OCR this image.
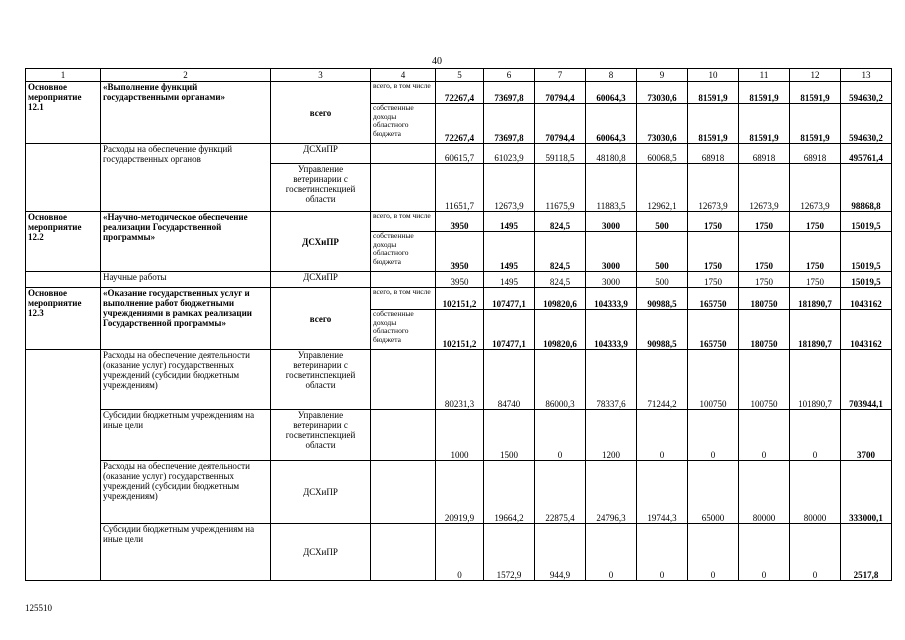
40
1	2	3	4	5	6	7	8	9	10	11	12	13
Основное мероприятие 12.1	«Выполнение функций государственными органами»	всего	всего, в том числе	72267,4	73697,8	70794,4	60064,3	73030,6	81591,9	81591,9	81591,9	594630,2
			собственные доходы областного бюджета	72267,4	73697,8	70794,4	60064,3	73030,6	81591,9	81591,9	81591,9	594630,2
	Расходы на обеспечение функций государственных органов	ДСХиПР		60615,7	61023,9	59118,5	48180,8	60068,5	68918	68918	68918	495761,4
		Управление ветеринарии с госветинспекцией области		11651,7	12673,9	11675,9	11883,5	12962,1	12673,9	12673,9	12673,9	98868,8
Основное мероприятие 12.2	«Научно-методическое обеспечение реализации Государственной программы»	ДСХиПР	всего, в том числе	3950	1495	824,5	3000	500	1750	1750	1750	15019,5
			собственные доходы областного бюджета	3950	1495	824,5	3000	500	1750	1750	1750	15019,5
	Научные работы	ДСХиПР		3950	1495	824,5	3000	500	1750	1750	1750	15019,5
Основное мероприятие 12.3	«Оказание государственных услуг и выполнение работ бюджетными учреждениями в рамках реализации Государственной программы»	всего	всего, в том числе	102151,2	107477,1	109820,6	104333,9	90988,5	165750	180750	181890,7	1043162
			собственные доходы областного бюджета	102151,2	107477,1	109820,6	104333,9	90988,5	165750	180750	181890,7	1043162
	Расходы на обеспечение деятельности (оказание услуг) государственных учреждений (субсидии бюджетным учреждениям)	Управление ветеринарии с госветинспекцией области		80231,3	84740	86000,3	78337,6	71244,2	100750	100750	101890,7	703944,1
	Субсидии бюджетным учреждениям на иные цели	Управление ветеринарии с госветинспекцией области		1000	1500	0	1200	0	0	0	0	3700
	Расходы на обеспечение деятельности (оказание услуг) государственных учреждений (субсидии бюджетным учреждениям)	ДСХиПР		20919,9	19664,2	22875,4	24796,3	19744,3	65000	80000	80000	333000,1
	Субсидии бюджетным учреждениям на иные цели	ДСХиПР		0	1572,9	944,9	0	0	0	0	0	2517,8
125510
